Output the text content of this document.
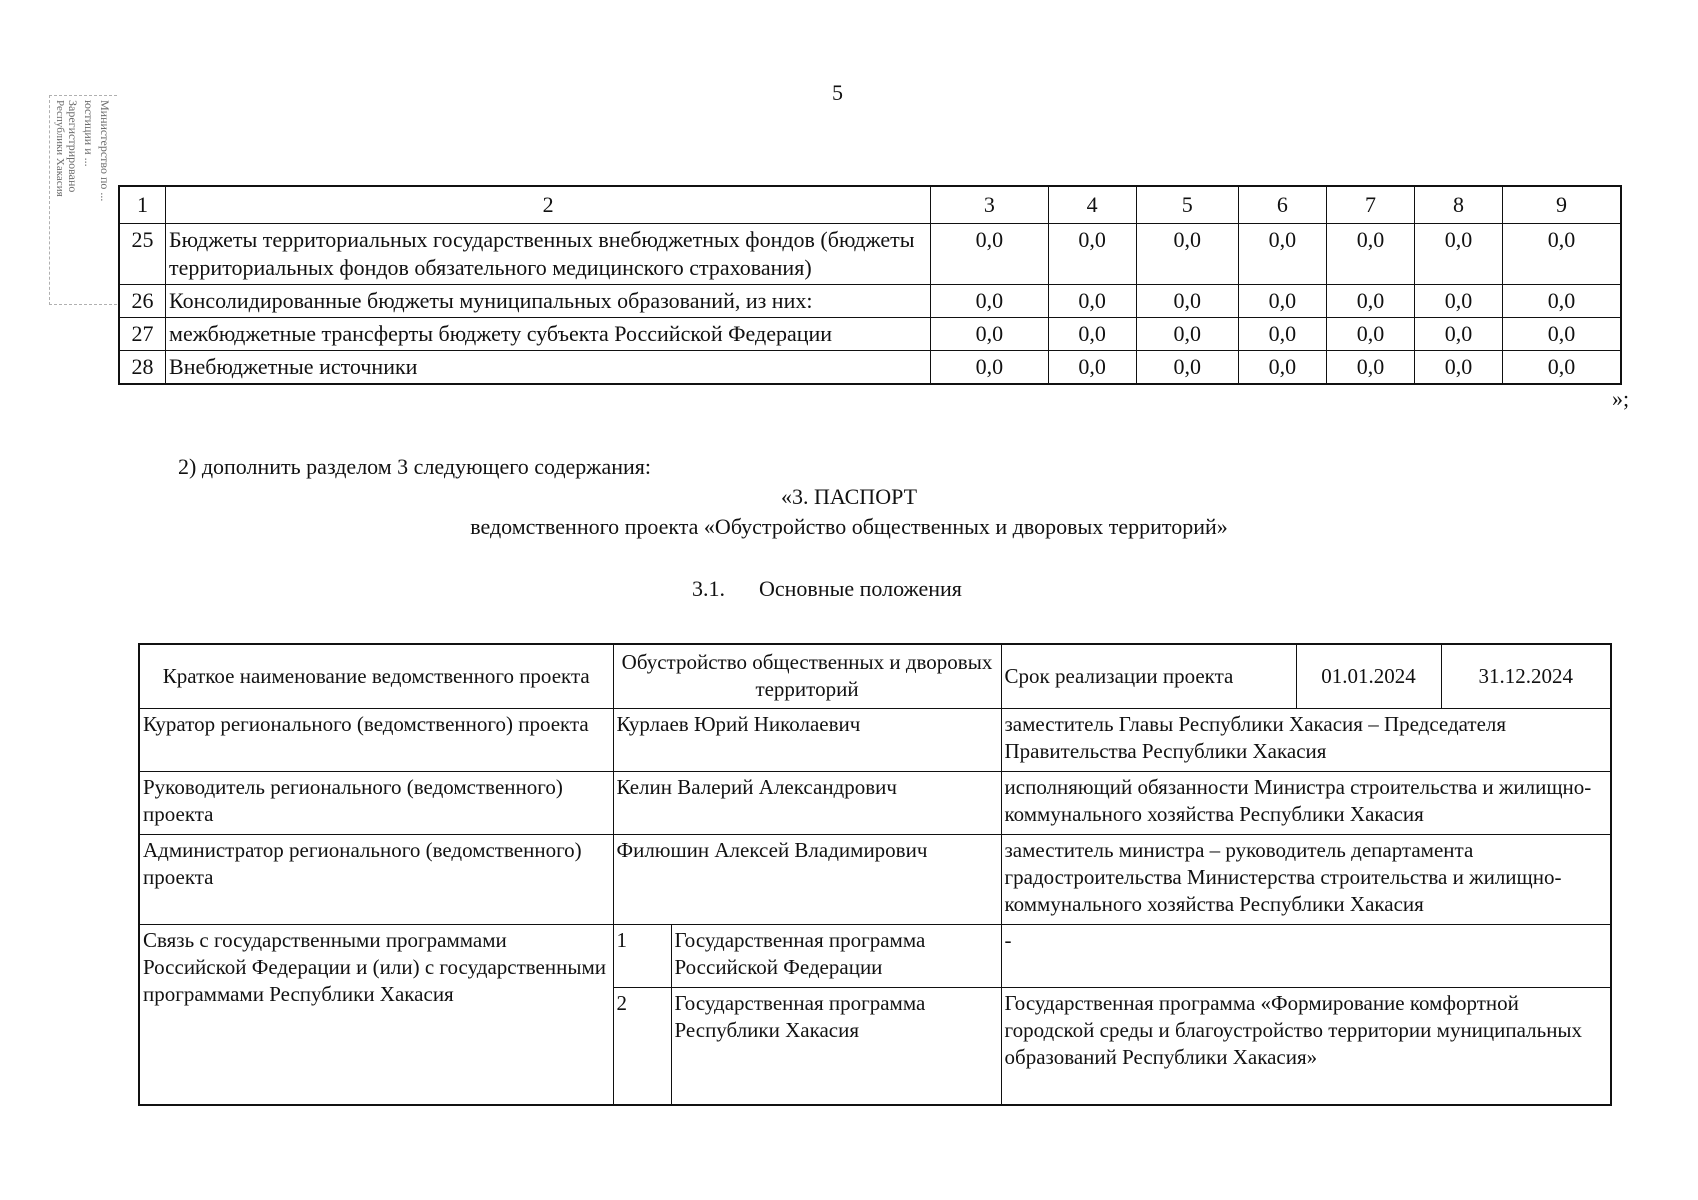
5
Министерство по ...
юстиции и ...
Зарегистрировано
Республики Хакасия
1	2	3	4	5	6	7	8	9
25	Бюджеты территориальных государственных внебюджетных фондов (бюджеты территориальных фондов обязательного медицинского страхования)	0,0	0,0	0,0	0,0	0,0	0,0	0,0
26	Консолидированные бюджеты муниципальных образований, из них:	0,0	0,0	0,0	0,0	0,0	0,0	0,0
27	межбюджетные трансферты бюджету субъекта Российской Федерации	0,0	0,0	0,0	0,0	0,0	0,0	0,0
28	Внебюджетные источники	0,0	0,0	0,0	0,0	0,0	0,0	0,0
»;
2) дополнить разделом 3 следующего содержания:
«3. ПАСПОРТ
ведомственного проекта «Обустройство общественных и дворовых территорий»
3.1. Основные положения
Краткое наименование ведомственного проекта	Обустройство общественных и дворовых территорий		Срок реализации проекта	01.01.2024	31.12.2024
Куратор регионального (ведомственного) проекта	Курлаев Юрий Николаевич		заместитель Главы Республики Хакасия – Председателя Правительства Республики Хакасия		
Руководитель регионального (ведомственного) проекта	Келин Валерий Александрович		исполняющий обязанности Министра строительства и жилищно-коммунального хозяйства Республики Хакасия		
Администратор регионального (ведомственного) проекта	Филюшин Алексей Владимирович		заместитель министра – руководитель департамента градостроительства Министерства строительства и жилищно-коммунального хозяйства Республики Хакасия		
Связь с государственными программами Российской Федерации и (или) с государственными программами Республики Хакасия	1	Государственная программа Российской Федерации	-		
	2	Государственная программа Республики Хакасия	Государственная программа «Формирование комфортной городской среды и благоустройство территории муниципальных образований Республики Хакасия»		
